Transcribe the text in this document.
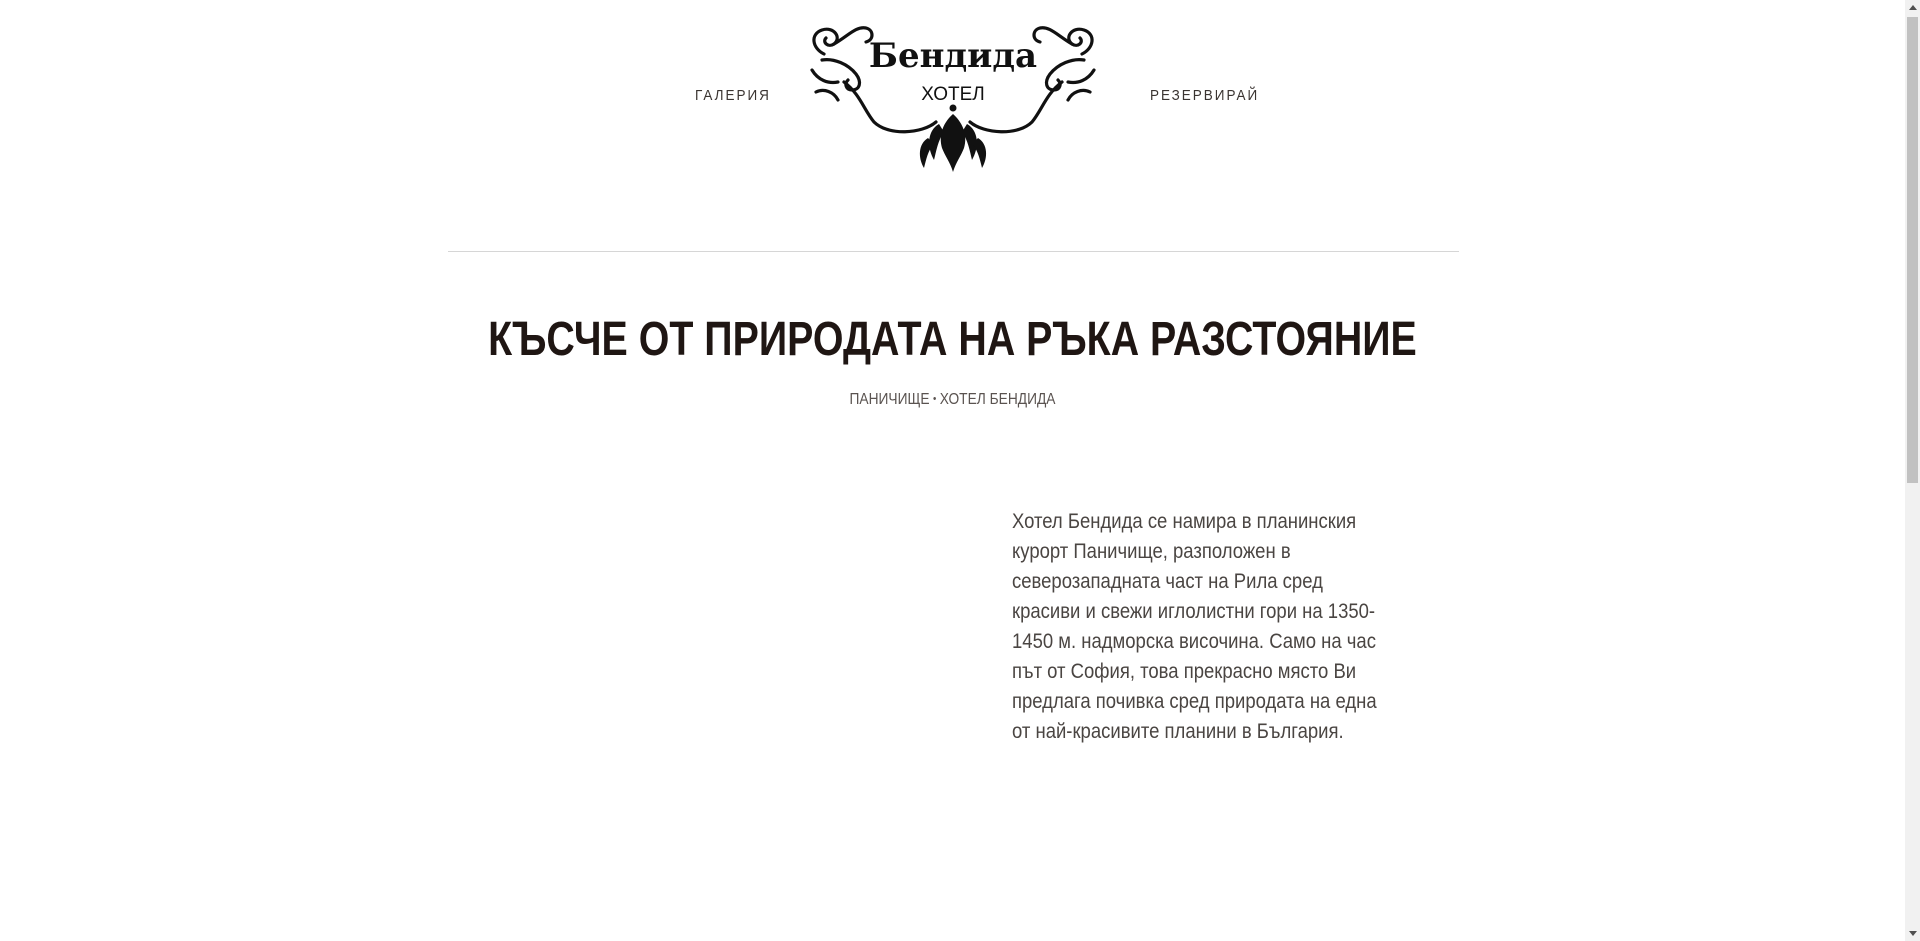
ГАЛЕРИЯ
Бендида
ХОТЕЛ	РЕЗЕРВИРАЙ
КЪСЧЕ ОТ ПРИРОДАТА НА РЪКА РАЗСТОЯНИЕ
ПАНИЧИЩЕ • ХОТЕЛ БЕНДИДА

Хотел Бендида се намира в планинския курорт Паничище, разположен в северозападната част на Рила сред красиви и свежи иглолистни гори на 1350-1450 м. надморска височина. Само на час път от София, това прекрасно място Ви предлага почивка сред природата на една от най-красивите планини в България.
